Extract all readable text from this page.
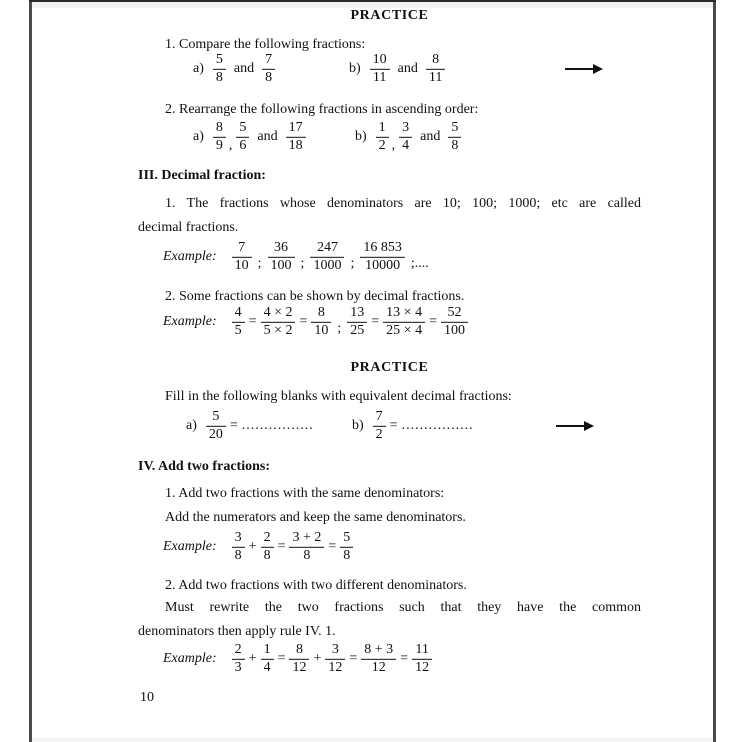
PRACTICE
1. Compare the following fractions:
$a) \frac{5}{8}$ and $\frac{7}{8}$	$b) \frac{10}{11}$ and $\frac{8}{11}$
2. Rearrange the following fractions in ascending order:
$a) \frac{8}{9}$ , $\frac{5}{6}$ and $\frac{17}{18}$	$b) \frac{1}{2}$ , $\frac{3}{4}$ and $\frac{5}{8}$
III. Decimal fraction:
1. The fractions whose denominators are 10; 100; 1000; etc are called
decimal fractions.
Example: $\frac{7}{10}$ ; $\frac{36}{100}$ ; $\frac{247}{1000}$ ; $\frac{16 853}{10000}$ ;....
2. Some fractions can be shown by decimal fractions.
Example: $\frac{4}{5} = \frac{4 \times 2}{5 \times 2} = \frac{8}{10}$ ; $\frac{13}{25} = \frac{13 \times 4}{25 \times 4} = \frac{52}{100}$
PRACTICE
Fill in the following blanks with equivalent decimal fractions:
$a) \frac{5}{20}$ = ................	$b) \frac{7}{2}$ = ................
IV. Add two fractions:
1. Add two fractions with the same denominators:
Add the numerators and keep the same denominators.
Example: $\frac{3}{8} + \frac{2}{8} = \frac{3 + 2}{8} = \frac{5}{8}$
2. Add two fractions with two different denominators.
Must rewrite the two fractions such that they have the common
denominators then apply rule IV. 1.
Example: $\frac{2}{3} + \frac{1}{4} = \frac{8}{12} + \frac{3}{12} = \frac{8 + 3}{12} = \frac{11}{12}$
10
